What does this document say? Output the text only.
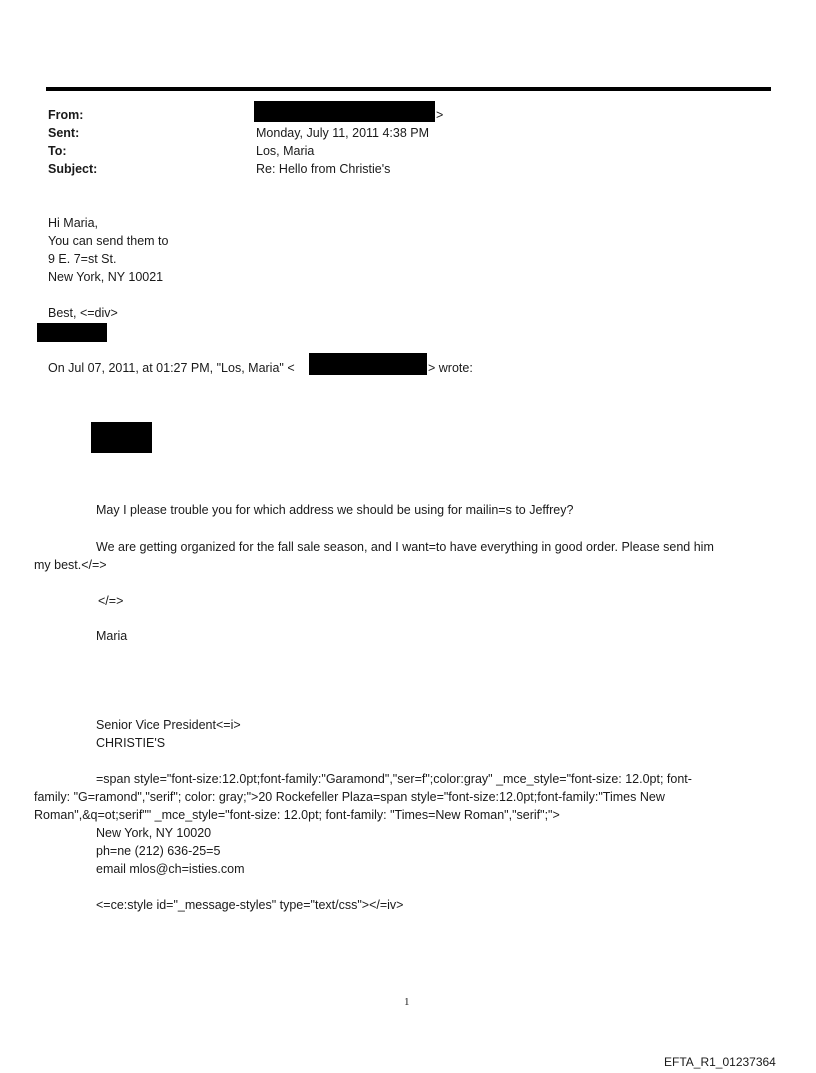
From:
Sent:
To:
Subject:
>
Monday, July 11, 2011 4:38 PM
Los, Maria
Re: Hello from Christie's
Hi Maria,
You can send them to
9 E. 7=st St.
New York, NY 10021
Best, <=div>
On Jul 07, 2011, at 01:27 PM, "Los, Maria" <	> wrote:
May I please trouble you for which address we should be using for mailin=s to Jeffrey?
We are getting organized for the fall sale season, and I want=to have everything in good order. Please send him
my best.</=>
</=>
Maria
Senior Vice President<=i>
CHRISTIE'S
=span style="font-size:12.0pt;font-family:"Garamond","ser=f";color:gray" _mce_style="font-size: 12.0pt; font-
family: "G=ramond","serif"; color: gray;">20 Rockefeller Plaza=span style="font-size:12.0pt;font-family:"Times New
Roman",&q=ot;serif"" _mce_style="font-size: 12.0pt; font-family: "Times=New Roman","serif";">
New York, NY 10020
ph=ne (212) 636-25=5
email mlos@ch=isties.com
<=ce:style id="_message-styles" type="text/css"></=iv>
1
EFTA_R1_01237364
